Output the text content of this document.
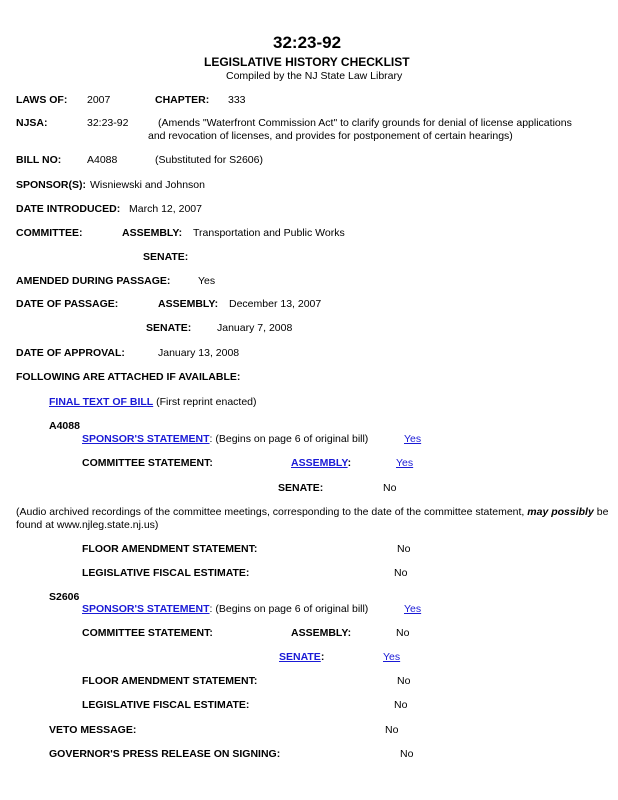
32:23-92
LEGISLATIVE HISTORY CHECKLIST
Compiled by the NJ State Law Library
LAWS OF: 2007	CHAPTER: 333
NJSA:	32:23-92	(Amends "Waterfront Commission Act" to clarify grounds for denial of license applications
and revocation of licenses, and provides for postponement of certain hearings)
BILL NO: A4088	(Substituted for S2606)
SPONSOR(S): Wisniewski and Johnson
DATE INTRODUCED: March 12, 2007
COMMITTEE:	ASSEMBLY: Transportation and Public Works
SENATE:
AMENDED DURING PASSAGE:	Yes
DATE OF PASSAGE:	ASSEMBLY: December 13, 2007
SENATE: January 7, 2008
DATE OF APPROVAL:	January 13, 2008
FOLLOWING ARE ATTACHED IF AVAILABLE:
FINAL TEXT OF BILL (First reprint enacted)
A4088
SPONSOR'S STATEMENT: (Begins on page 6 of original bill)	Yes
COMMITTEE STATEMENT:	ASSEMBLY:	Yes
SENATE:	No
(Audio archived recordings of the committee meetings, corresponding to the date of the committee statement, may possibly be
found at www.njleg.state.nj.us)
FLOOR AMENDMENT STATEMENT:	No
LEGISLATIVE FISCAL ESTIMATE:	No
S2606
SPONSOR'S STATEMENT: (Begins on page 6 of original bill)	Yes
COMMITTEE STATEMENT:	ASSEMBLY:	No
SENATE:	Yes
FLOOR AMENDMENT STATEMENT:	No
LEGISLATIVE FISCAL ESTIMATE:	No
VETO MESSAGE:	No
GOVERNOR'S PRESS RELEASE ON SIGNING:	No
